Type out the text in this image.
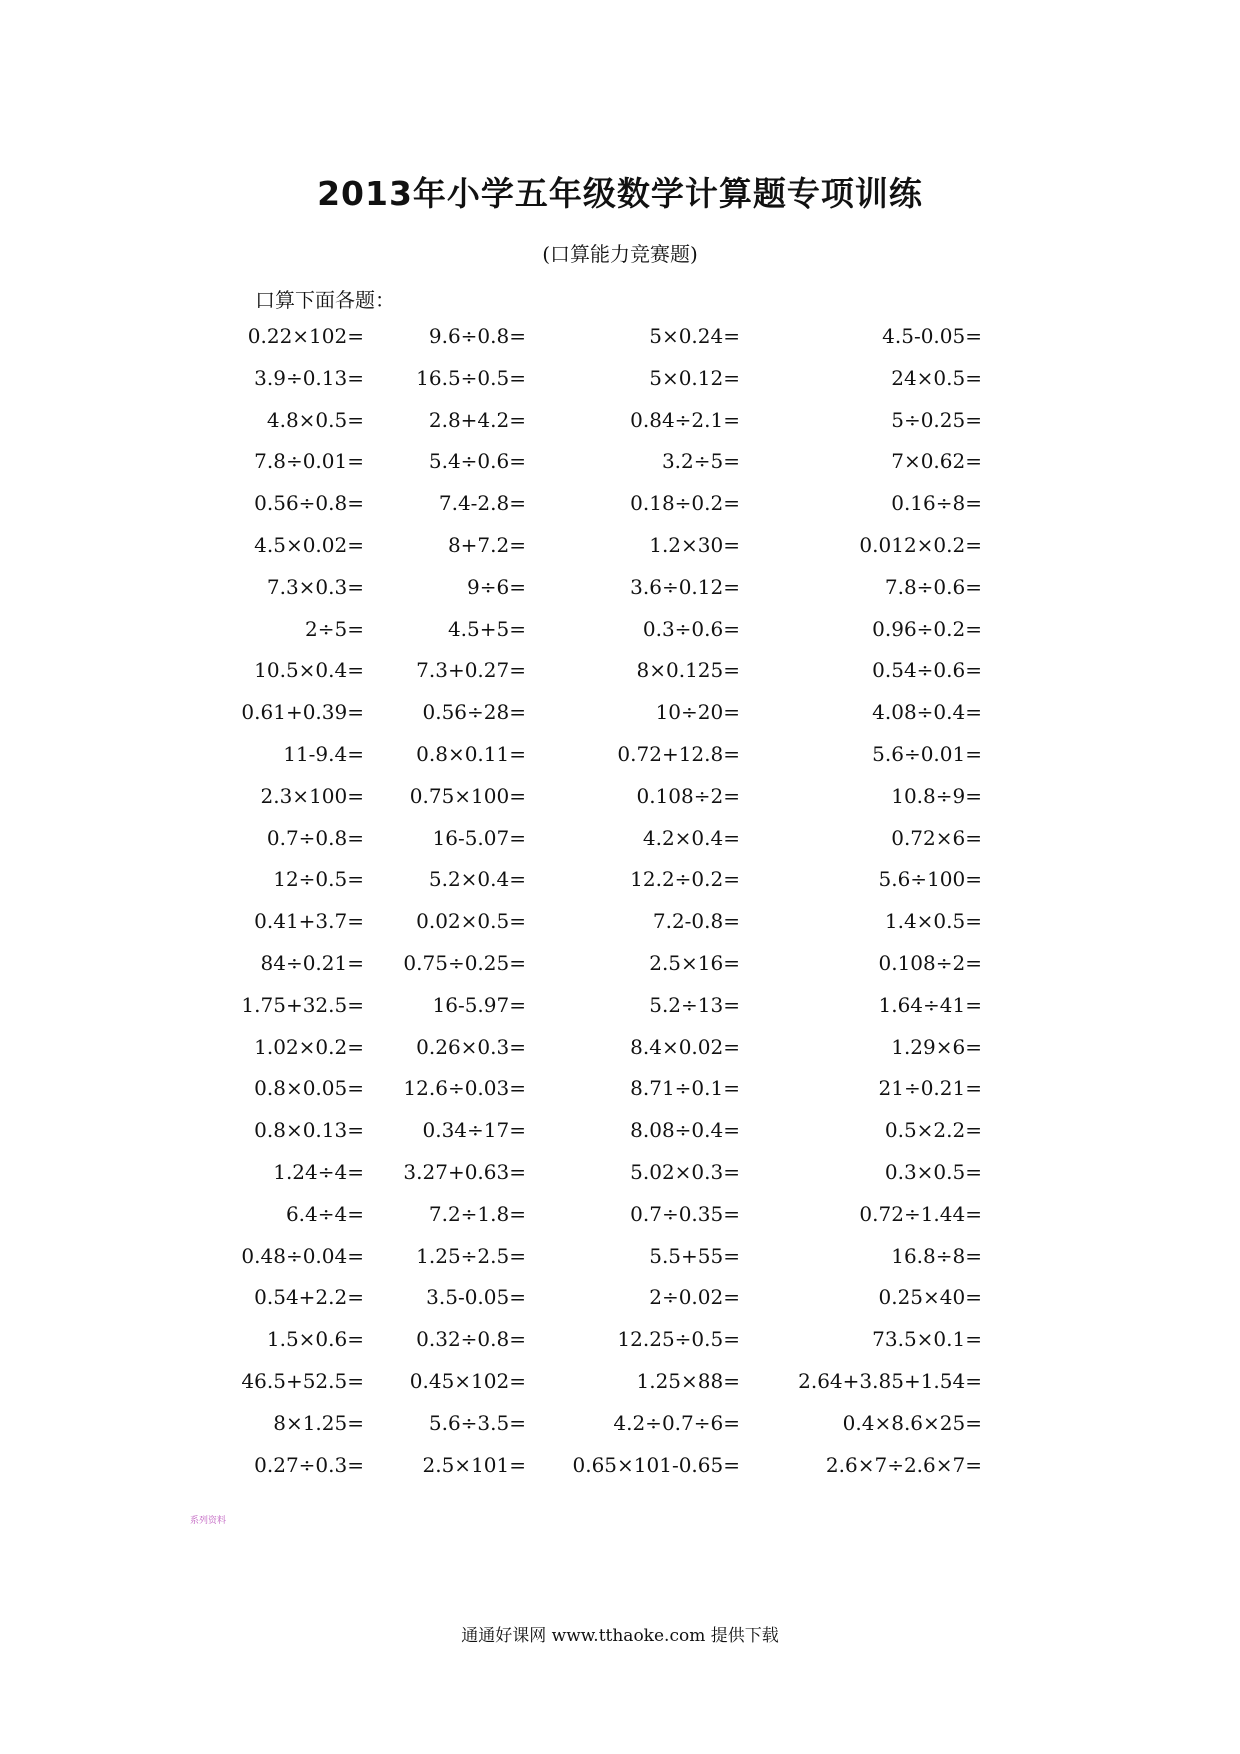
2013年小学五年级数学计算题专项训练
(口算能力竞赛题)
口算下面各题：
0.22×102=	9.6÷0.8=	5×0.24=	4.5-0.05=
3.9÷0.13=	16.5÷0.5=	5×0.12=	24×0.5=
4.8×0.5=	2.8+4.2=	0.84÷2.1=	5÷0.25=
7.8÷0.01=	5.4÷0.6=	3.2÷5=	7×0.62=
0.56÷0.8=	7.4-2.8=	0.18÷0.2=	0.16÷8=
4.5×0.02=	8+7.2=	1.2×30=	0.012×0.2=
7.3×0.3=	9÷6=	3.6÷0.12=	7.8÷0.6=
2÷5=	4.5+5=	0.3÷0.6=	0.96÷0.2=
10.5×0.4=	7.3+0.27=	8×0.125=	0.54÷0.6=
0.61+0.39=	0.56÷28=	10÷20=	4.08÷0.4=
11-9.4=	0.8×0.11=	0.72+12.8=	5.6÷0.01=
2.3×100= 0.75×100=	0.108÷2=	10.8÷9=
0.7÷0.8=	16-5.07=	4.2×0.4=	0.72×6=
12÷0.5=	5.2×0.4=	12.2÷0.2=	5.6÷100=
0.41+3.7=	0.02×0.5=	7.2-0.8=	1.4×0.5=
84÷0.21= 0.75÷0.25=	2.5×16=	0.108÷2=
1.75+32.5=	16-5.97=	5.2÷13=	1.64÷41=
1.02×0.2=	0.26×0.3=	8.4×0.02=	1.29×6=
0.8×0.05= 12.6÷0.03=	8.71÷0.1=	21÷0.21=
0.8×0.13=	0.34÷17=	8.08÷0.4=	0.5×2.2=
1.24÷4= 3.27+0.63=	5.02×0.3=	0.3×0.5=
6.4÷4=	7.2÷1.8=	0.7÷0.35=	0.72÷1.44=
0.48÷0.04=	1.25÷2.5=	5.5+55=	16.8÷8=
0.54+2.2=	3.5-0.05=	2÷0.02=	0.25×40=
1.5×0.6=	0.32÷0.8=	12.25÷0.5=	73.5×0.1=
46.5+52.5= 0.45×102=	1.25×88=	2.64+3.85+1.54=
8×1.25=	5.6÷3.5=	4.2÷0.7÷6=	0.4×8.6×25=
0.27÷0.3=	2.5×101= 0.65×101-0.65=	2.6×7÷2.6×7=
系列资料
通通好课网 www.tthaoke.com 提供下载
